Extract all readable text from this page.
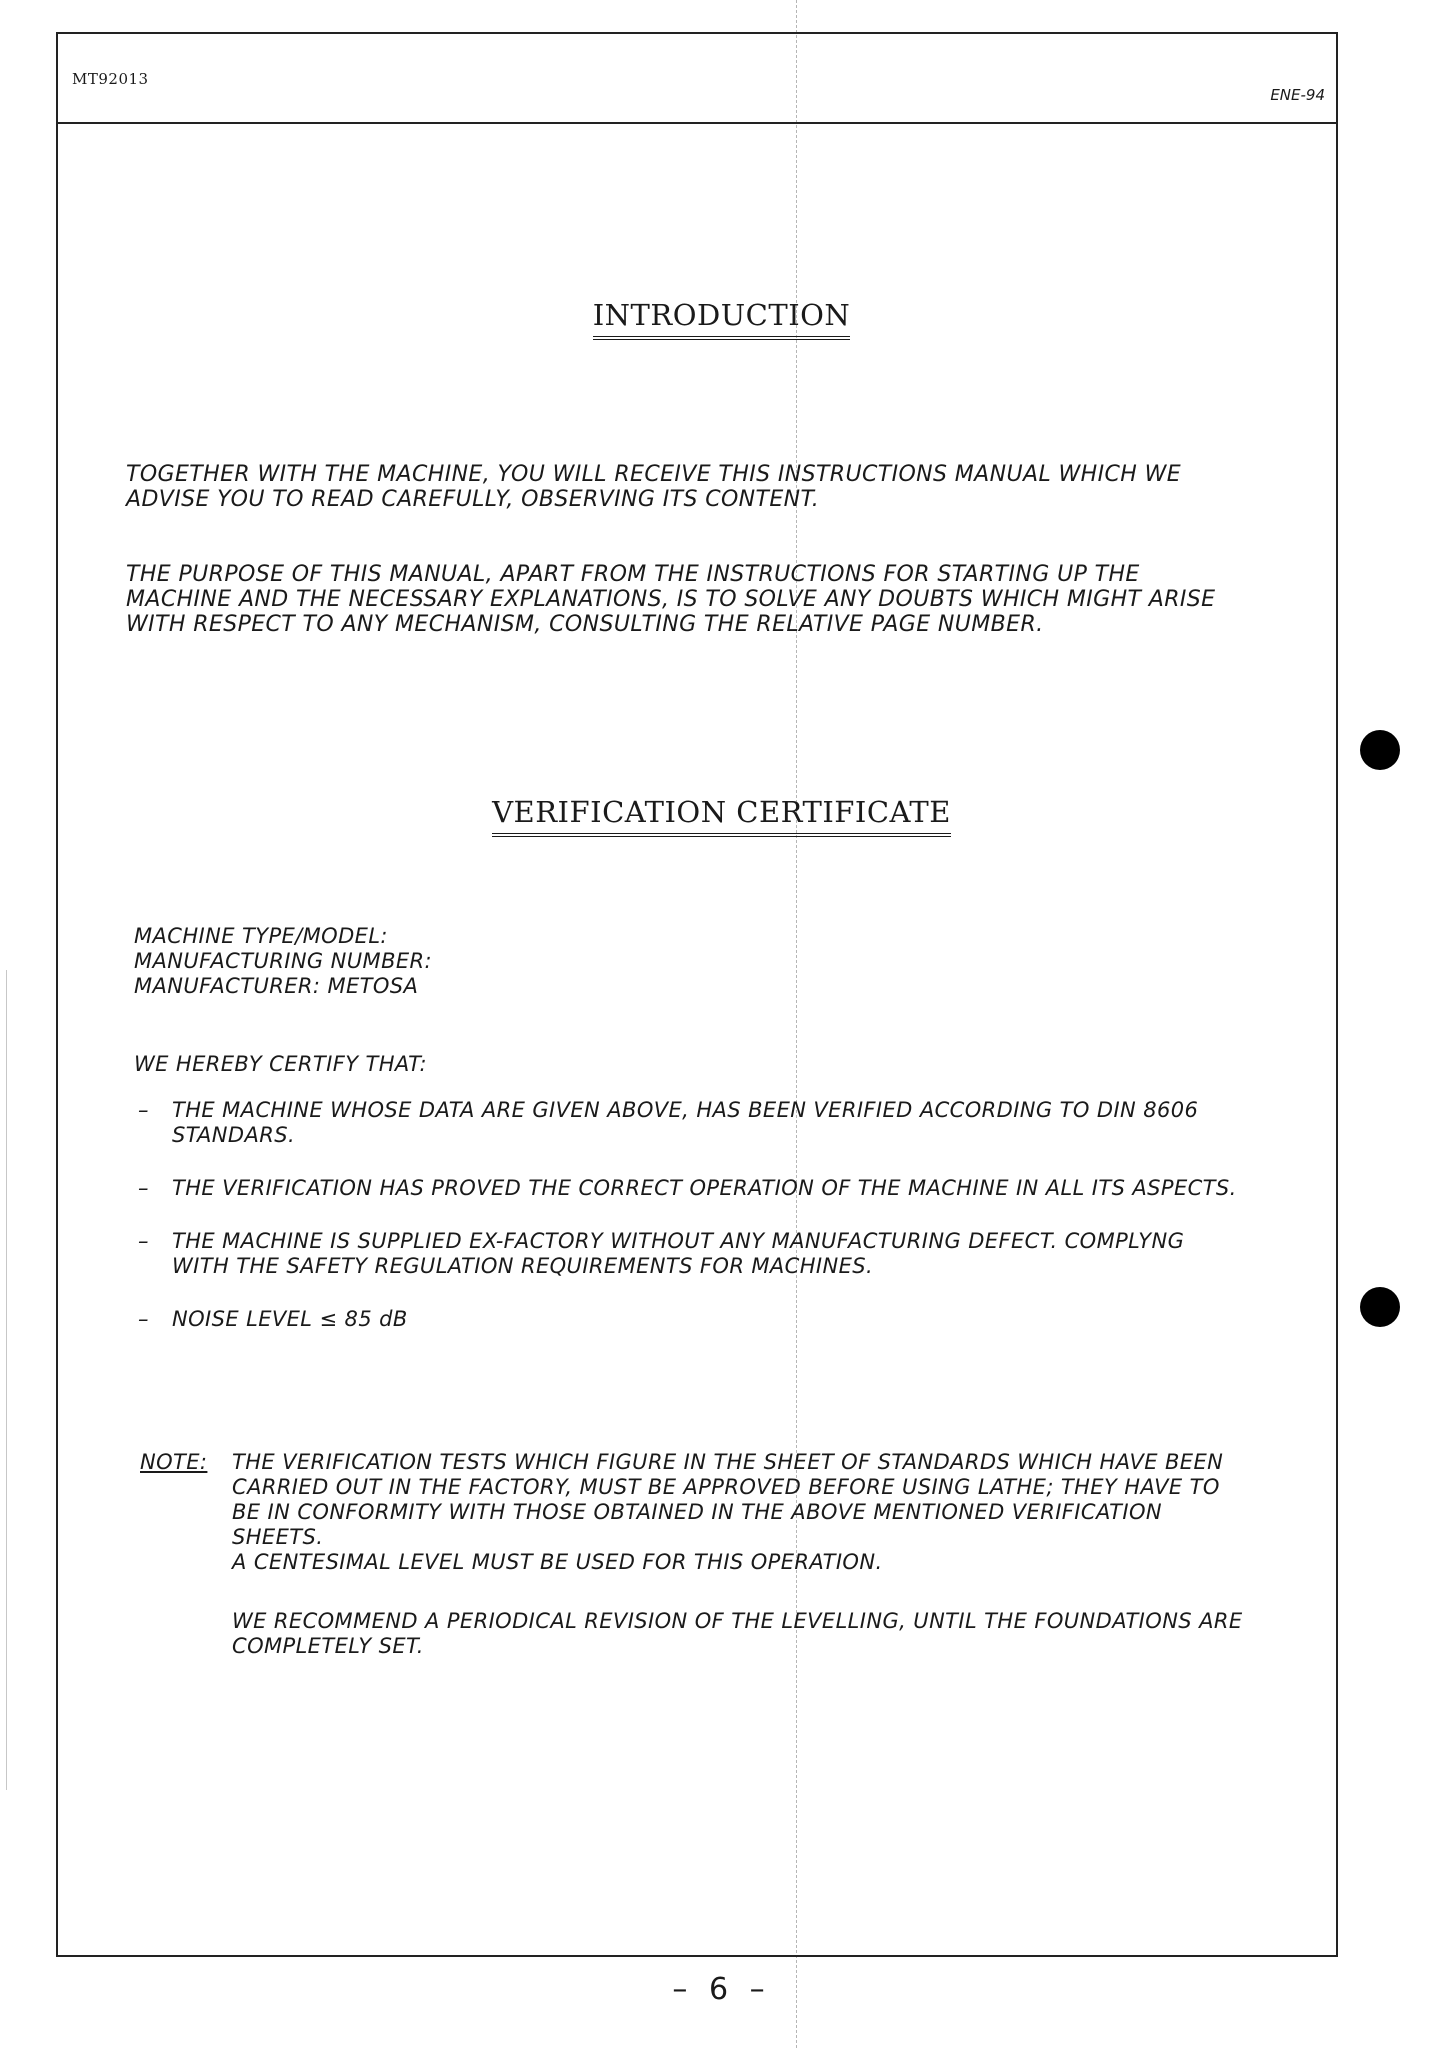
MT92013
ENE-94
INTRODUCTION

TOGETHER WITH THE MACHINE, YOU WILL RECEIVE THIS INSTRUCTIONS MANUAL WHICH WE ADVISE YOU TO READ CAREFULLY, OBSERVING ITS CONTENT.

THE PURPOSE OF THIS MANUAL, APART FROM THE INSTRUCTIONS FOR STARTING UP THE MACHINE AND THE NECESSARY EXPLANATIONS, IS TO SOLVE ANY DOUBTS WHICH MIGHT ARISE WITH RESPECT TO ANY MECHANISM, CONSULTING THE RELATIVE PAGE NUMBER.

VERIFICATION CERTIFICATE
MACHINE TYPE/MODEL:
MANUFACTURING NUMBER:
MANUFACTURER: METOSA
WE HEREBY CERTIFY THAT:
– THE MACHINE WHOSE DATA ARE GIVEN ABOVE, HAS BEEN VERIFIED ACCORDING TO DIN 8606 STANDARS.
– THE VERIFICATION HAS PROVED THE CORRECT OPERATION OF THE MACHINE IN ALL ITS ASPECTS.
– THE MACHINE IS SUPPLIED EX-FACTORY WITHOUT ANY MANUFACTURING DEFECT. COMPLYNG WITH THE SAFETY REGULATION REQUIREMENTS FOR MACHINES.
– NOISE LEVEL ≤ 85 dB
NOTE: THE VERIFICATION TESTS WHICH FIGURE IN THE SHEET OF STANDARDS WHICH HAVE BEEN CARRIED OUT IN THE FACTORY, MUST BE APPROVED BEFORE USING LATHE; THEY HAVE TO BE IN CONFORMITY WITH THOSE OBTAINED IN THE ABOVE MENTIONED VERIFICATION SHEETS.

A CENTESIMAL LEVEL MUST BE USED FOR THIS OPERATION.

WE RECOMMEND A PERIODICAL REVISION OF THE LEVELLING, UNTIL THE FOUNDATIONS ARE COMPLETELY SET.

– 6 –
